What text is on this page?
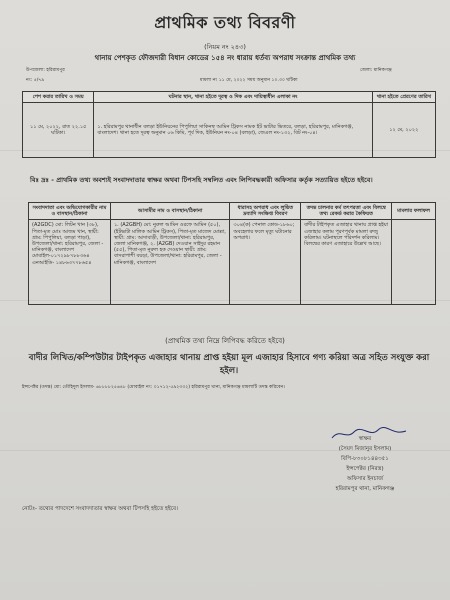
প্রাথমিক তথ্য বিবরণী
(নিয়ম নং ২৪৩)
থানায় পেশকৃত ফৌজদারী বিধান কোডের ১৫৪ নং ধারায় ধর্তব্য অপরাধ সংক্রান্ত প্রাথমিক তথ্য
উপজেলা: হরিরামপুর	জেলা: মানিকগঞ্জ
নং: ৫/৭৯	মামলা নং ১১ মে, ২০২২ সময় অনুমান ১০.৩০ ঘটিকা
পেশ করার তারিখ ও সময়	ঘটনার স্থান, থানা হইতে দূরত্ব ও দিক এবং দায়িত্বাধীন এলাকা নং	থানা হইতে প্রেরণের তারিখ
১১ মে, ২০২২, রাত ২২.১৫ ঘটিকা।	১. হরিরামপুর থানাধীন বলড়া ইউনিয়নের পিপুলিয়া সাকিনস্থ আমিন ট্রিকস নামক ইট ভাটার ভিতরে, বলড়া, হরিরামপুর, মানিকগঞ্জ, বাংলাদেশ। থানা হতে দূরত্ব অনুমান ০৬ কিমি, পূর্ব দিক, ইউনিয়ন নং-০৪ (বলড়া), জেএল নং-১৩২, বিট নং-০৪।	১২ মে, ২০২২
বিঃ দ্রঃ - প্রাথমিক তথ্য অবশ্যই সংবাদদাতার স্বাক্ষর অথবা টিপসহি সম্বলিত এবং লিপিবদ্ধকারী অফিসার কর্তৃক সত্যায়িত হইতে হইবে।
সংবাদদাতা এবং অভিযোগকারীর নাম ও বাসস্থান/ঠিকানা	আসামীর নাম ও বাসস্থান/ঠিকানা	ধারাসহ অপরাধ এবং লুণ্ঠিত দ্রব্যাদি সংক্ষিপ্ত বিবরণ	তদন্ত চালনার কর্ম তৎপরতা এবং বিলম্বে তথ্য রেকর্ড করার কৈফিয়ত	মামলার ফলাফল
(A2GDC) মো: লিটন খান (৩৮), পিতা-মৃত মোঃ আজম খান, স্থায়ী: গ্রাম: পিপুলিয়া, বলড়া পাড়া), উপজেলা/থানা: হরিরামপুর, জেলা - মানিকগঞ্জ, বাংলাদেশ মোবাইল-০১৭২৯৮৭৮৮৩৬৪ এনআইডি- ১৪৮৬৩৭৭৮৬৫৪	১. (A2GBH) মো: নুরুল আমিন ওরফে আমিন (৫০), (ইটভাটা মালিক আমিন ট্রিকস), পিতা-মৃত মাজেদ মোল্লা, স্থায়ী: গ্রাম: আদাবাড়ী, উপজেলা/থানা: হরিরামপুর, জেলা মানিকগঞ্জ, ২. (A2GB) দেওয়ান সাইদুর রহমান (৫৫), পিতা-মৃত নুরুল হক দেওয়ান স্থায়ী: গ্রাম: বাসরাপাশী বয়ড়া, উপজেলা/থানা: হরিরামপুর, জেলা - মানিকগঞ্জ, বাংলাদেশ	৩০৪(ক) পেনাল কোড-১৮৬০; অবহেলার ফলে মৃত্যু ঘটানোর অপরাধ।	বাদীর টাইপকৃত এজাহার থানায় প্রাপ্ত হইয়া এজাহার কলাম পূরণপূর্বক মামলা রুজু করিলাম। ঘটনাস্থলে পরিদর্শন করিলাম। বিলম্বের কারণ এজাহারে উল্লেখ আছে।	
(প্রাথমিক তথ্য নিম্নে লিপিবদ্ধ করিতে হইবে)
বাদীর লিখিত/কম্পিউটার টাইপকৃত এজাহার থানায় প্রাপ্ত হইয়া মূল এজাহার হিসাবে গণ্য করিয়া অত্র সহিত সংযুক্ত করা হইল।
ইন্সপেক্টর (তদন্ত) মো: তৌহিদুল ইসলাম- ৬৮৮৮৮২৫৬৪৮ (মোবাইল নং: ০১৭১২-৫৯২৩৩২) হরিরামপুর থানা, মানিকগঞ্জ মামলাটি তদন্ত করিবেন।
স্বাক্ষর
(সৈয়দ মিজানুর ইসলাম)
বিপি-৮৩০৮১৪৪৩৫১
ইন্সপেক্টর (নিরস্ত্র)
অফিসার ইনচার্জ
হরিরামপুর থানা, মানিকগঞ্জ
নোটঃ- তথ্যের পাদদেশে সংবাদদাতার স্বাক্ষর অথবা টিপসহি হইতে হইবে।
